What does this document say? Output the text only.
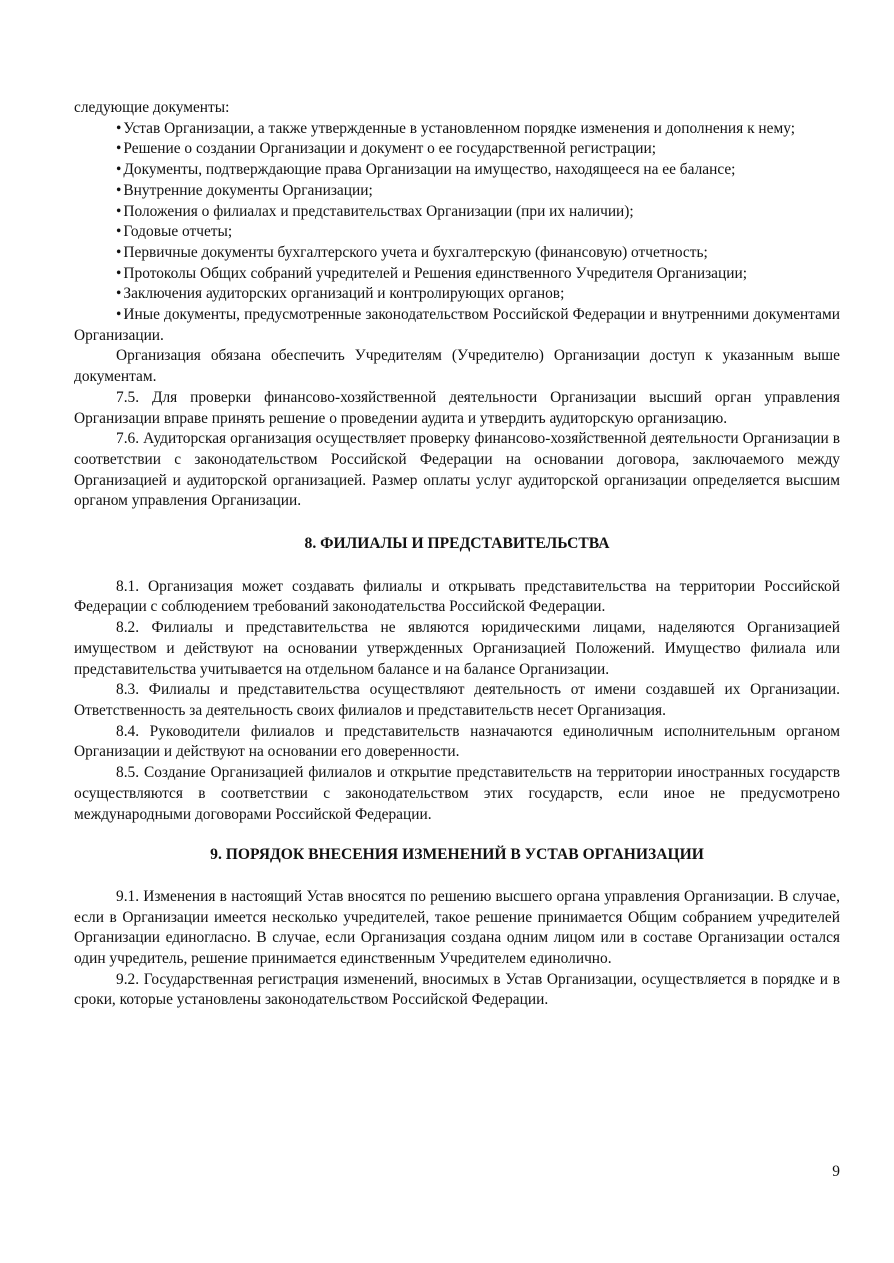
следующие документы:

• Устав Организации, а также утвержденные в установленном порядке изменения и дополнения к нему;

• Решение о создании Организации и документ о ее государственной регистрации;

• Документы, подтверждающие права Организации на имущество, находящееся на ее балансе;

• Внутренние документы Организации;

• Положения о филиалах и представительствах Организации (при их наличии);

• Годовые отчеты;

• Первичные документы бухгалтерского учета и бухгалтерскую (финансовую) отчетность;

• Протоколы Общих собраний учредителей и Решения единственного Учредителя Организации;

• Заключения аудиторских организаций и контролирующих органов;

• Иные документы, предусмотренные законодательством Российской Федерации и внутренними документами Организации.

Организация обязана обеспечить Учредителям (Учредителю) Организации доступ к указанным выше документам.

7.5. Для проверки финансово-хозяйственной деятельности Организации высший орган управления Организации вправе принять решение о проведении аудита и утвердить аудиторскую организацию.

7.6. Аудиторская организация осуществляет проверку финансово-хозяйственной деятельности Организации в соответствии с законодательством Российской Федерации на основании договора, заключаемого между Организацией и аудиторской организацией. Размер оплаты услуг аудиторской организации определяется высшим органом управления Организации.

8. ФИЛИАЛЫ И ПРЕДСТАВИТЕЛЬСТВА

8.1. Организация может создавать филиалы и открывать представительства на территории Российской Федерации с соблюдением требований законодательства Российской Федерации.

8.2. Филиалы и представительства не являются юридическими лицами, наделяются Организацией имуществом и действуют на основании утвержденных Организацией Положений. Имущество филиала или представительства учитывается на отдельном балансе и на балансе Организации.

8.3. Филиалы и представительства осуществляют деятельность от имени создавшей их Организации. Ответственность за деятельность своих филиалов и представительств несет Организация.

8.4. Руководители филиалов и представительств назначаются единоличным исполнительным органом Организации и действуют на основании его доверенности.

8.5. Создание Организацией филиалов и открытие представительств на территории иностранных государств осуществляются в соответствии с законодательством этих государств, если иное не предусмотрено международными договорами Российской Федерации.

9. ПОРЯДОК ВНЕСЕНИЯ ИЗМЕНЕНИЙ В УСТАВ ОРГАНИЗАЦИИ

9.1. Изменения в настоящий Устав вносятся по решению высшего органа управления Организации. В случае, если в Организации имеется несколько учредителей, такое решение принимается Общим собранием учредителей Организации единогласно. В случае, если Организация создана одним лицом или в составе Организации остался один учредитель, решение принимается единственным Учредителем единолично.

9.2. Государственная регистрация изменений, вносимых в Устав Организации, осуществляется в порядке и в сроки, которые установлены законодательством Российской Федерации.

9
